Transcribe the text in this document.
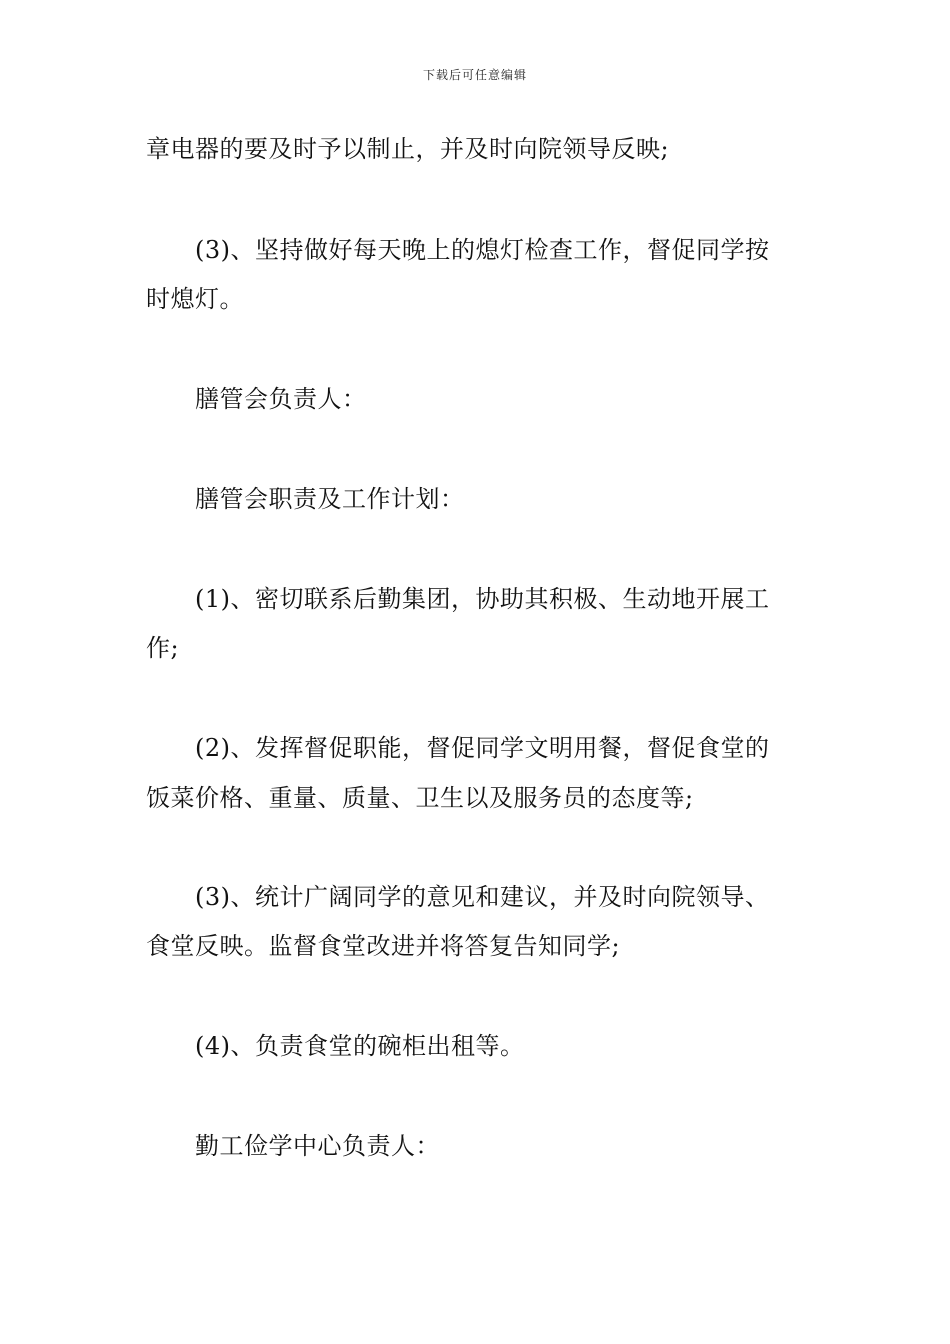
下载后可任意编辑
章电器的要及时予以制止，并及时向院领导反映;
(3)、坚持做好每天晚上的熄灯检查工作，督促同学按
时熄灯。
膳管会负责人：
膳管会职责及工作计划：
(1)、密切联系后勤集团，协助其积极、生动地开展工
作;
(2)、发挥督促职能，督促同学文明用餐，督促食堂的
饭菜价格、重量、质量、卫生以及服务员的态度等;
(3)、统计广阔同学的意见和建议，并及时向院领导、
食堂反映。监督食堂改进并将答复告知同学;
(4)、负责食堂的碗柜出租等。
勤工俭学中心负责人：
